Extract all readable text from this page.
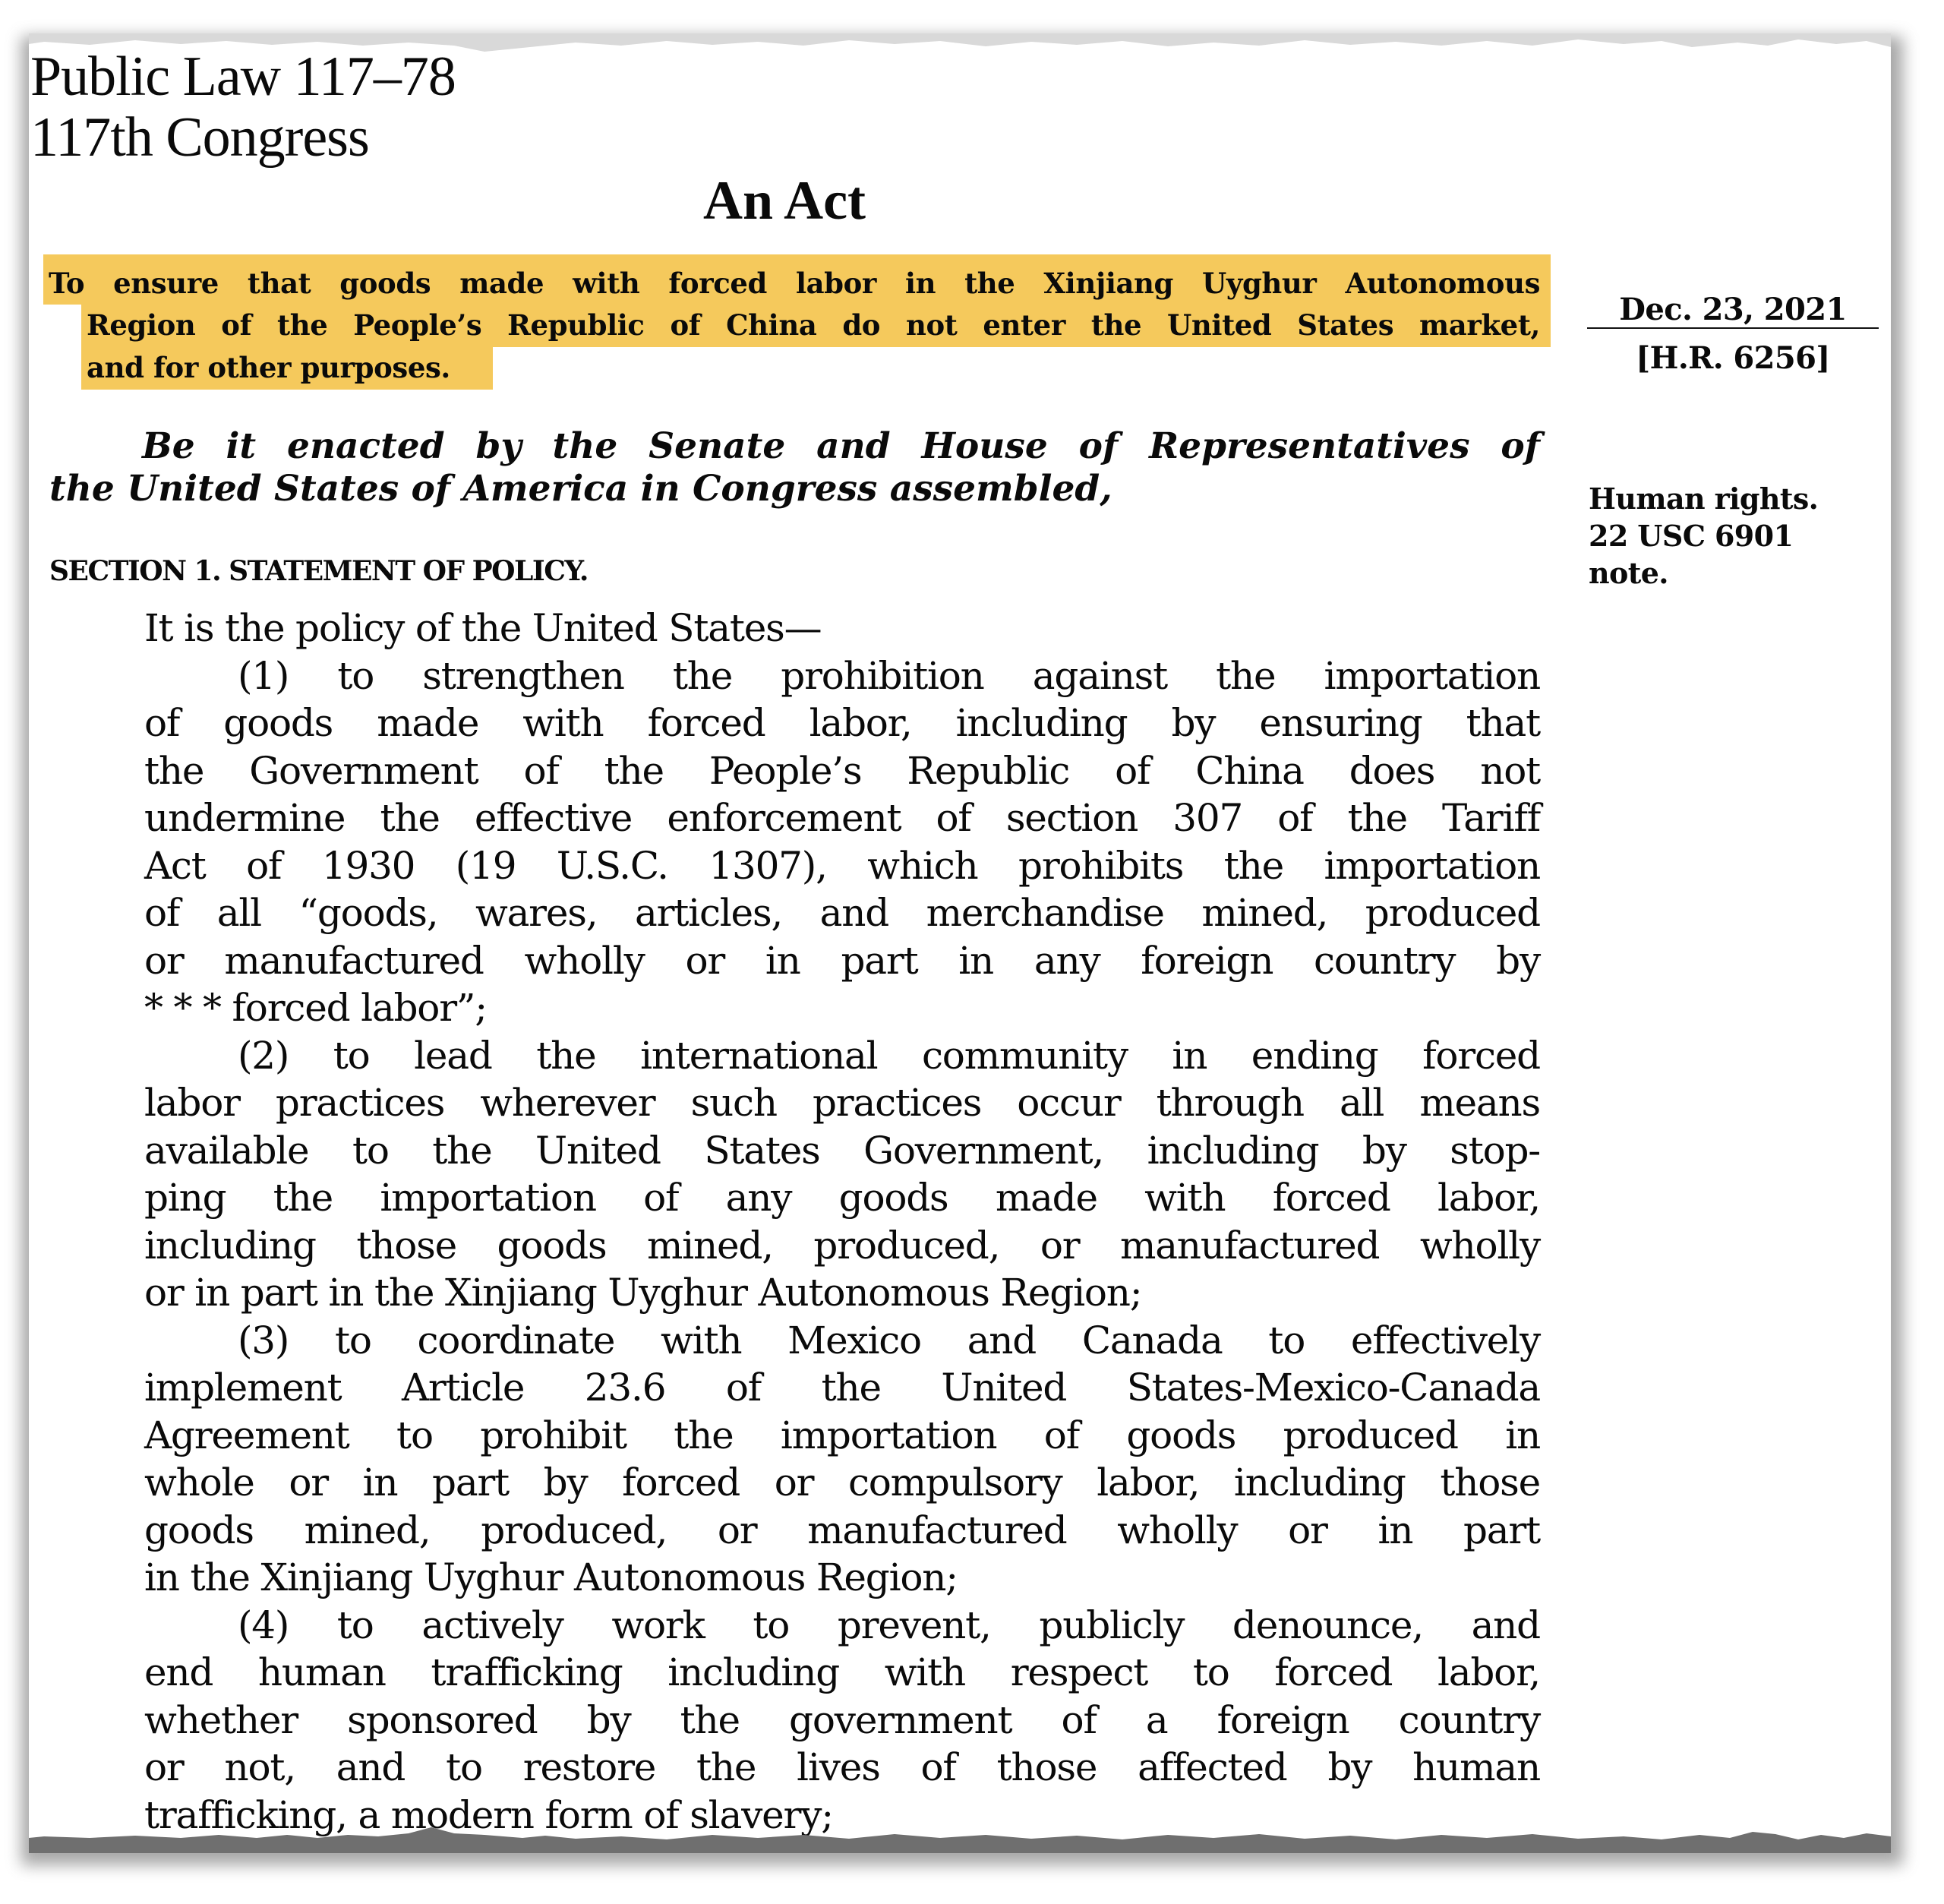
Public Law 117–78
117th Congress
An Act
To ensure that goods made with forced labor in the Xinjiang Uyghur Autonomous
Region of the People’s Republic of China do not enter the United States market,
and for other purposes.
Dec. 23, 2021
[H.R. 6256]
Human rights.
22 USC 6901
note.
Be it enacted by the Senate and House of Representatives of
the United States of America in Congress assembled,
SECTION 1. STATEMENT OF POLICY.
It is the policy of the United States—
(1) to strengthen the prohibition against the importation
of goods made with forced labor, including by ensuring that
the Government of the People’s Republic of China does not
undermine the effective enforcement of section 307 of the Tariff
Act of 1930 (19 U.S.C. 1307), which prohibits the importation
of all “goods, wares, articles, and merchandise mined, produced
or manufactured wholly or in part in any foreign country by
* * * forced labor”;
(2) to lead the international community in ending forced
labor practices wherever such practices occur through all means
available to the United States Government, including by stop-
ping the importation of any goods made with forced labor,
including those goods mined, produced, or manufactured wholly
or in part in the Xinjiang Uyghur Autonomous Region;
(3) to coordinate with Mexico and Canada to effectively
implement Article 23.6 of the United States-Mexico-Canada
Agreement to prohibit the importation of goods produced in
whole or in part by forced or compulsory labor, including those
goods mined, produced, or manufactured wholly or in part
in the Xinjiang Uyghur Autonomous Region;
(4) to actively work to prevent, publicly denounce, and
end human trafficking including with respect to forced labor,
whether sponsored by the government of a foreign country
or not, and to restore the lives of those affected by human
trafficking, a modern form of slavery;
